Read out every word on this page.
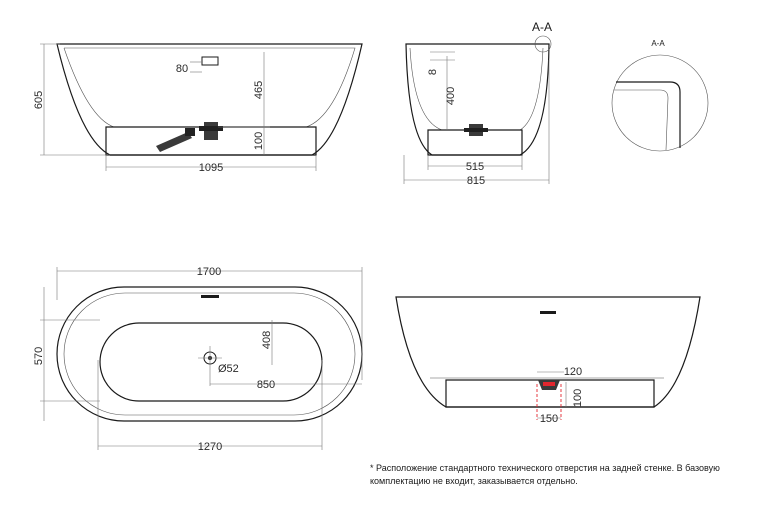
605
465
100
1095
80	8
400
515
815
A-A
A-A
1700
570
408
Ø52
850
1270
120
100
150

* Расположение стандартного технического отверстия на задней стенке. В базовую комплектацию не входит, заказывается отдельно.
